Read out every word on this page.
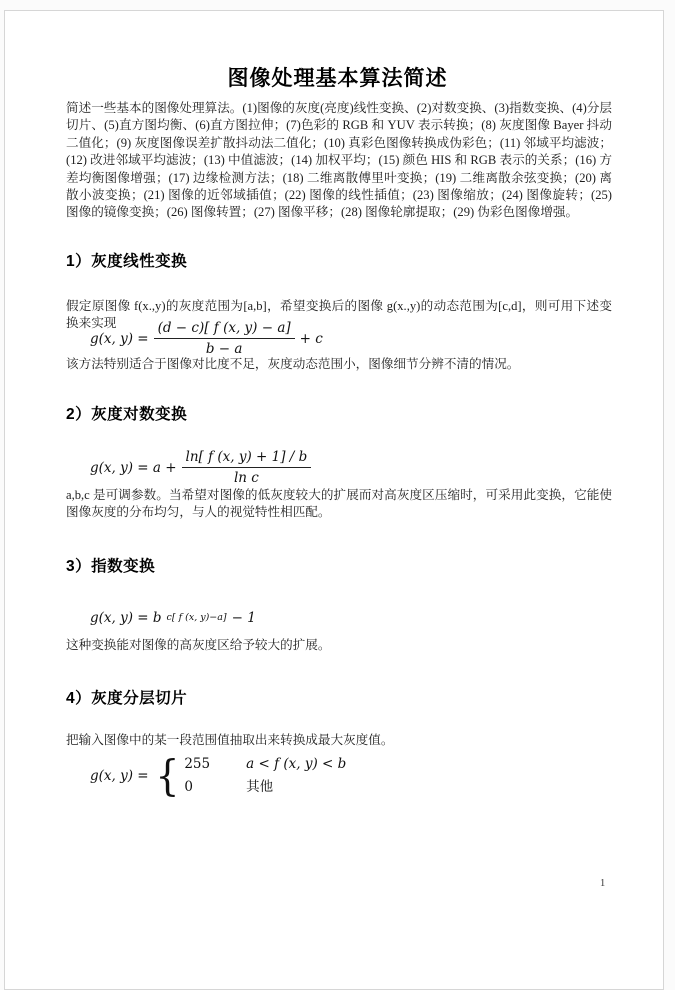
图像处理基本算法简述
简述一些基本的图像处理算法。(1)图像的灰度(亮度)线性变换、(2)对数变换、(3)指数变换、(4)分层切片、(5)直方图均衡、(6)直方图拉伸；(7)色彩的 RGB 和 YUV 表示转换；(8) 灰度图像 Bayer 抖动二值化；(9) 灰度图像误差扩散抖动法二值化；(10) 真彩色图像转换成伪彩色；(11) 邻域平均滤波；(12) 改进邻域平均滤波；(13) 中值滤波；(14) 加权平均；(15) 颜色 HIS 和 RGB 表示的关系；(16) 方差均衡图像增强；(17) 边缘检测方法；(18) 二维离散傅里叶变换；(19) 二维离散余弦变换；(20) 离散小波变换；(21) 图像的近邻域插值；(22) 图像的线性插值；(23) 图像缩放；(24) 图像旋转；(25) 图像的镜像变换；(26) 图像转置；(27) 图像平移；(28) 图像轮廓提取；(29) 伪彩色图像增强。
1）灰度线性变换
假定原图像 f(x.,y)的灰度范围为[a,b]，希望变换后的图像 g(x.,y)的动态范围为[c,d]，则可用下述变换来实现
g(x, $y) = \frac{(d - c)[ f (x, y) - a]}{b - a} + c$
该方法特别适合于图像对比度不足，灰度动态范围小，图像细节分辨不清的情况。
2）灰度对数变换
g(x, $y) = a + \frac{\ln[ f (x, y) + 1] / b}{\text{ln c}}$
a,b,c 是可调参数。当希望对图像的低灰度较大的扩展而对高灰度区压缩时，可采用此变换，它能使图像灰度的分布均匀，与人的视觉特性相匹配。
3）指数变换
g(x, y) = b c[ f (x, y)−a] − 1
这种变换能对图像的高灰度区给予较大的扩展。
4）灰度分层切片
把输入图像中的某一段范围值抽取出来转换成最大灰度值。
g(x, y) = { 255	a < f (x, y) < b
0	其他
1
